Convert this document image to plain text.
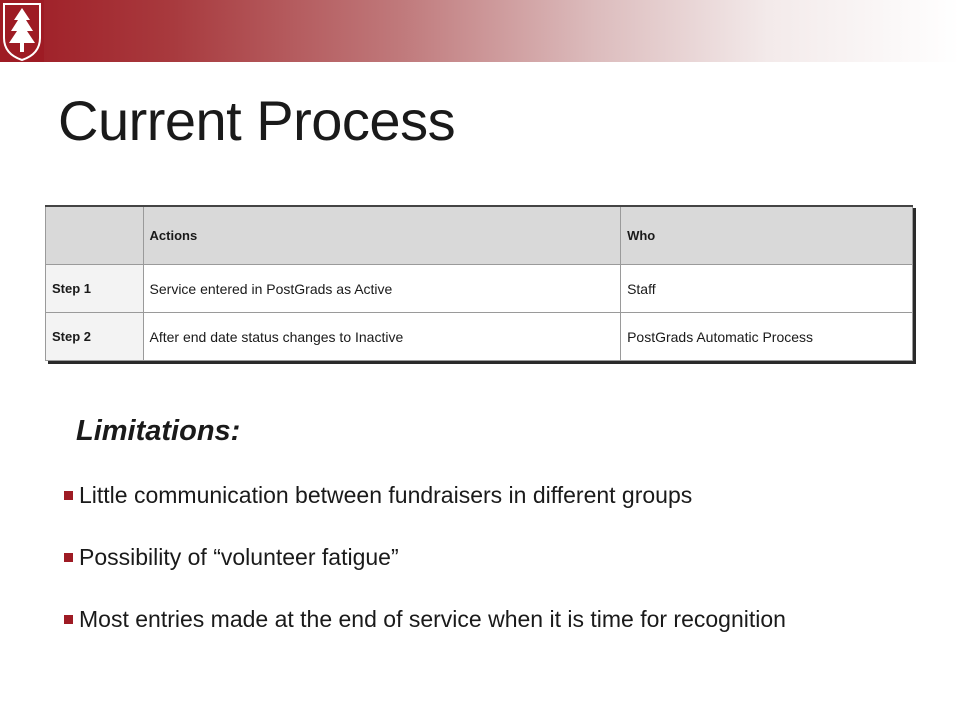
Current Process
	Actions	Who
Step 1	Service entered in PostGrads as Active	Staff
Step 2	After end date status changes to Inactive	PostGrads Automatic Process
Limitations:
Little communication between fundraisers in different groups
Possibility of “volunteer fatigue”
Most entries made at the end of service when it is time for recognition
